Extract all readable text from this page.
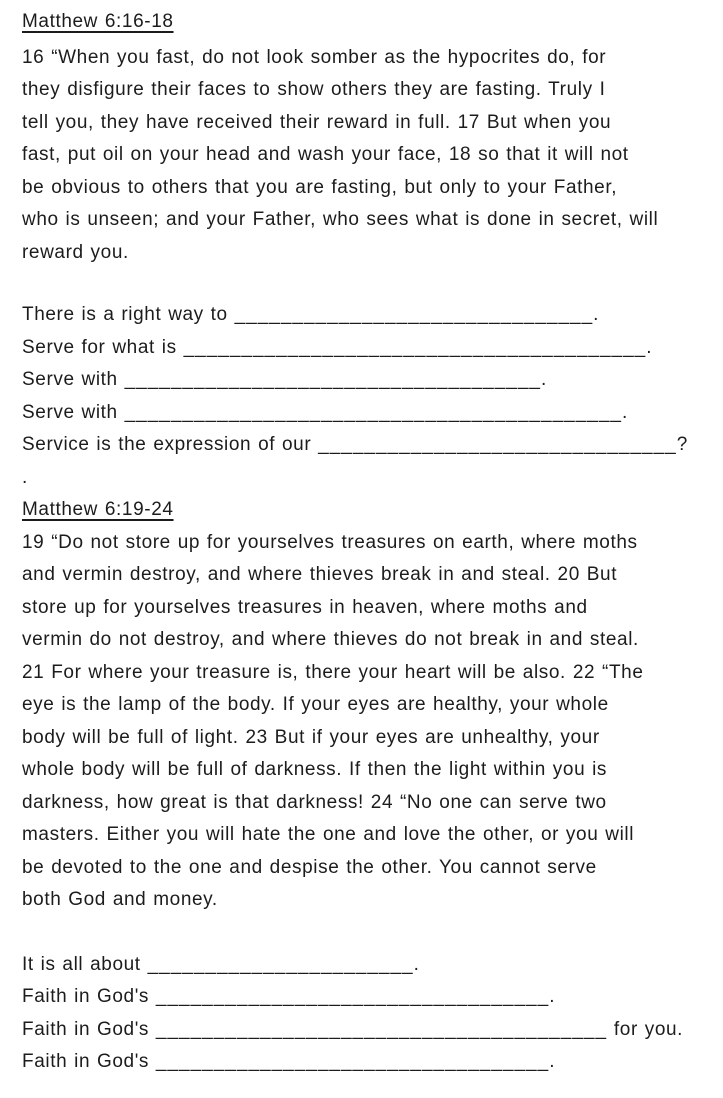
Matthew 6:16-18
16 “When you fast, do not look somber as the hypocrites do, for
they disfigure their faces to show others they are fasting. Truly I
tell you, they have received their reward in full. 17 But when you
fast, put oil on your head and wash your face, 18 so that it will not
be obvious to others that you are fasting, but only to your Father,
who is unseen; and your Father, who sees what is done in secret, will
reward you.
There is a right way to _______________________________.
Serve for what is ________________________________________.
Serve with ____________________________________.
Serve with ___________________________________________.
Service is the expression of our _______________________________?
.
Matthew 6:19-24
19 “Do not store up for yourselves treasures on earth, where moths
and vermin destroy, and where thieves break in and steal. 20 But
store up for yourselves treasures in heaven, where moths and
vermin do not destroy, and where thieves do not break in and steal.
21 For where your treasure is, there your heart will be also. 22 “The
eye is the lamp of the body. If your eyes are healthy, your whole
body will be full of light. 23 But if your eyes are unhealthy, your
whole body will be full of darkness. If then the light within you is
darkness, how great is that darkness! 24 “No one can serve two
masters. Either you will hate the one and love the other, or you will
be devoted to the one and despise the other. You cannot serve
both God and money.
It is all about _______________________.
Faith in God's __________________________________.
Faith in God's _______________________________________ for you.
Faith in God's __________________________________.
